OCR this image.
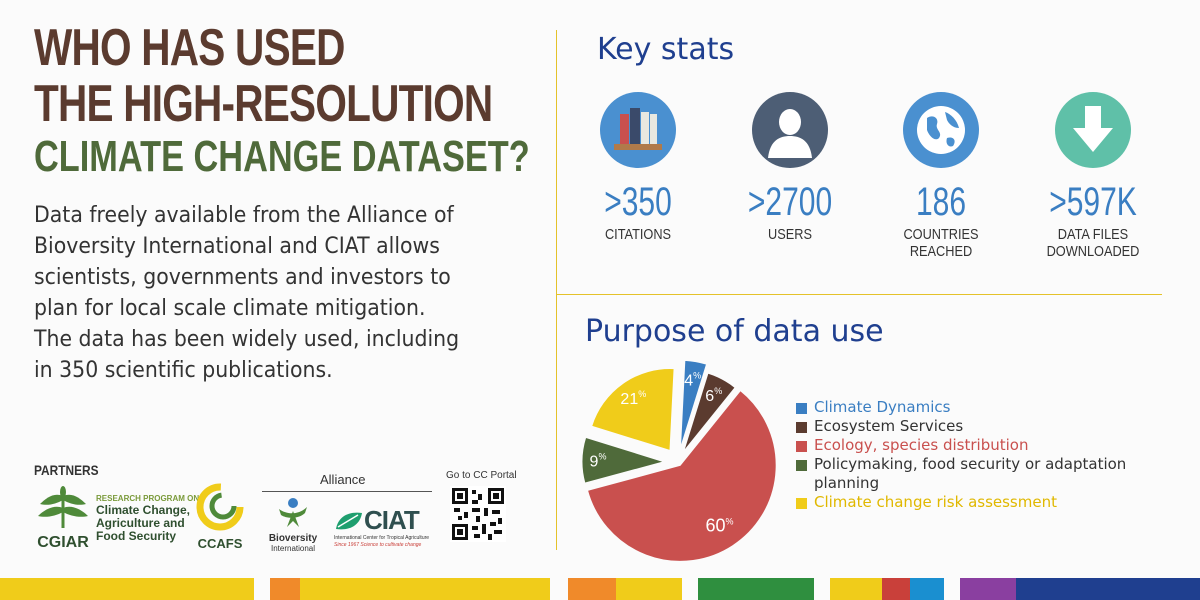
WHO HAS USED
THE HIGH-RESOLUTION
CLIMATE CHANGE DATASET?
Data freely available from the Alliance of
Bioversity International and CIAT allows
scientists, governments and investors to
plan for local scale climate mitigation.
The data has been widely used, including
in 350 scientific publications.
PARTNERS
CGIAR
RESEARCH PROGRAM ON
Climate Change,
Agriculture and
Food Security	CCAFS
Alliance
Bioversity
International
CIAT
International Center for Tropical Agriculture
Since 1967 Science to cultivate change
Go to CC Portal
Key stats
>350
CITATIONS
>2700
USERS
186
COUNTRIES
REACHED
>597K
DATA FILES
DOWNLOADED
Purpose of data use
4%
6%
60%
9%
21%
Climate Dynamics
Ecosystem Services
Ecology, species distribution
Policymaking, food security or adaptation planning
Climate change risk assessment
